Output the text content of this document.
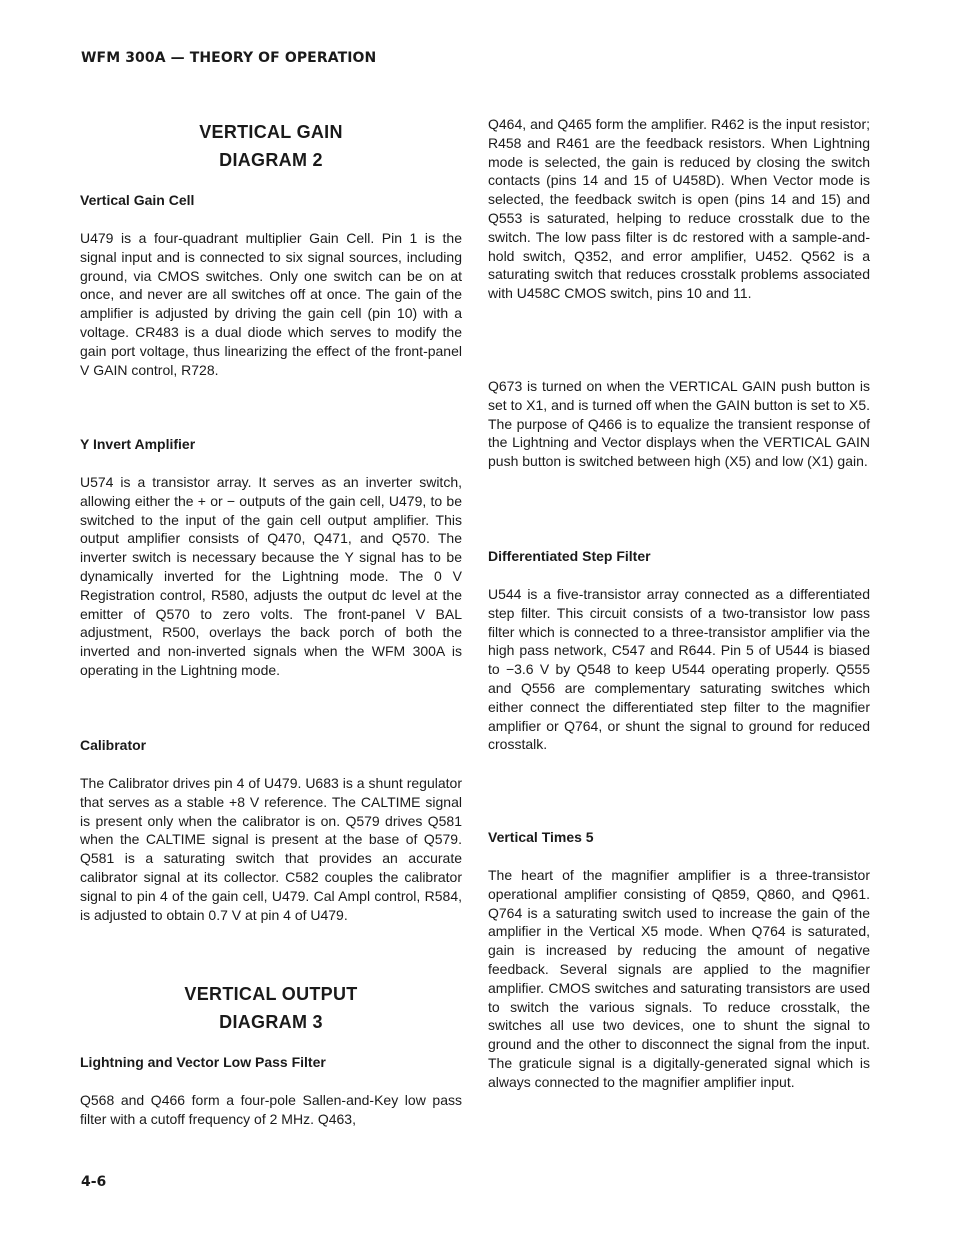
WFM 300A — THEORY OF OPERATION
VERTICAL GAIN
DIAGRAM 2
Vertical Gain Cell

U479 is a four-quadrant multiplier Gain Cell. Pin 1 is the signal input and is connected to six signal sources, including ground, via CMOS switches. Only one switch can be on at once, and never are all switches off at once. The gain of the amplifier is adjusted by driving the gain cell (pin 10) with a voltage. CR483 is a dual diode which serves to modify the gain port voltage, thus linearizing the effect of the front-panel V GAIN control, R728.

Y Invert Amplifier

U574 is a transistor array. It serves as an inverter switch, allowing either the + or − outputs of the gain cell, U479, to be switched to the input of the gain cell output amplifier. This output amplifier consists of Q470, Q471, and Q570. The inverter switch is necessary because the Y signal has to be dynamically inverted for the Lightning mode. The 0 V Registration control, R580, adjusts the output dc level at the emitter of Q570 to zero volts. The front-panel V BAL adjustment, R500, overlays the back porch of both the inverted and non-inverted signals when the WFM 300A is operating in the Lightning mode.

Calibrator

The Calibrator drives pin 4 of U479. U683 is a shunt regulator that serves as a stable +8 V reference. The CALTIME signal is present only when the calibrator is on. Q579 drives Q581 when the CALTIME signal is present at the base of Q579. Q581 is a saturating switch that provides an accurate calibrator signal at its collector. C582 couples the calibrator signal to pin 4 of the gain cell, U479. Cal Ampl control, R584, is adjusted to obtain 0.7 V at pin 4 of U479.

VERTICAL OUTPUT
DIAGRAM 3
Lightning and Vector Low Pass Filter

Q568 and Q466 form a four-pole Sallen-and-Key low pass filter with a cutoff frequency of 2 MHz. Q463,

Q464, and Q465 form the amplifier. R462 is the input resistor; R458 and R461 are the feedback resistors. When Lightning mode is selected, the gain is reduced by closing the switch contacts (pins 14 and 15 of U458D). When Vector mode is selected, the feedback switch is open (pins 14 and 15) and Q553 is saturated, helping to reduce crosstalk due to the switch. The low pass filter is dc restored with a sample-and-hold switch, Q352, and error amplifier, U452. Q562 is a saturating switch that reduces crosstalk problems associated with U458C CMOS switch, pins 10 and 11.

Q673 is turned on when the VERTICAL GAIN push button is set to X1, and is turned off when the GAIN button is set to X5. The purpose of Q466 is to equalize the transient response of the Lightning and Vector displays when the VERTICAL GAIN push button is switched between high (X5) and low (X1) gain.

Differentiated Step Filter

U544 is a five-transistor array connected as a differentiated step filter. This circuit consists of a two-transistor low pass filter which is connected to a three-transistor amplifier via the high pass network, C547 and R644. Pin 5 of U544 is biased to −3.6 V by Q548 to keep U544 operating properly. Q555 and Q556 are complementary saturating switches which either connect the differentiated step filter to the magnifier amplifier or Q764, or shunt the signal to ground for reduced crosstalk.

Vertical Times 5

The heart of the magnifier amplifier is a three-transistor operational amplifier consisting of Q859, Q860, and Q961. Q764 is a saturating switch used to increase the gain of the amplifier in the Vertical X5 mode. When Q764 is saturated, gain is increased by reducing the amount of negative feedback. Several signals are applied to the magnifier amplifier. CMOS switches and saturating transistors are used to switch the various signals. To reduce crosstalk, the switches all use two devices, one to shunt the signal to ground and the other to disconnect the signal from the input. The graticule signal is a digitally-generated signal which is always connected to the magnifier amplifier input.

4-6
